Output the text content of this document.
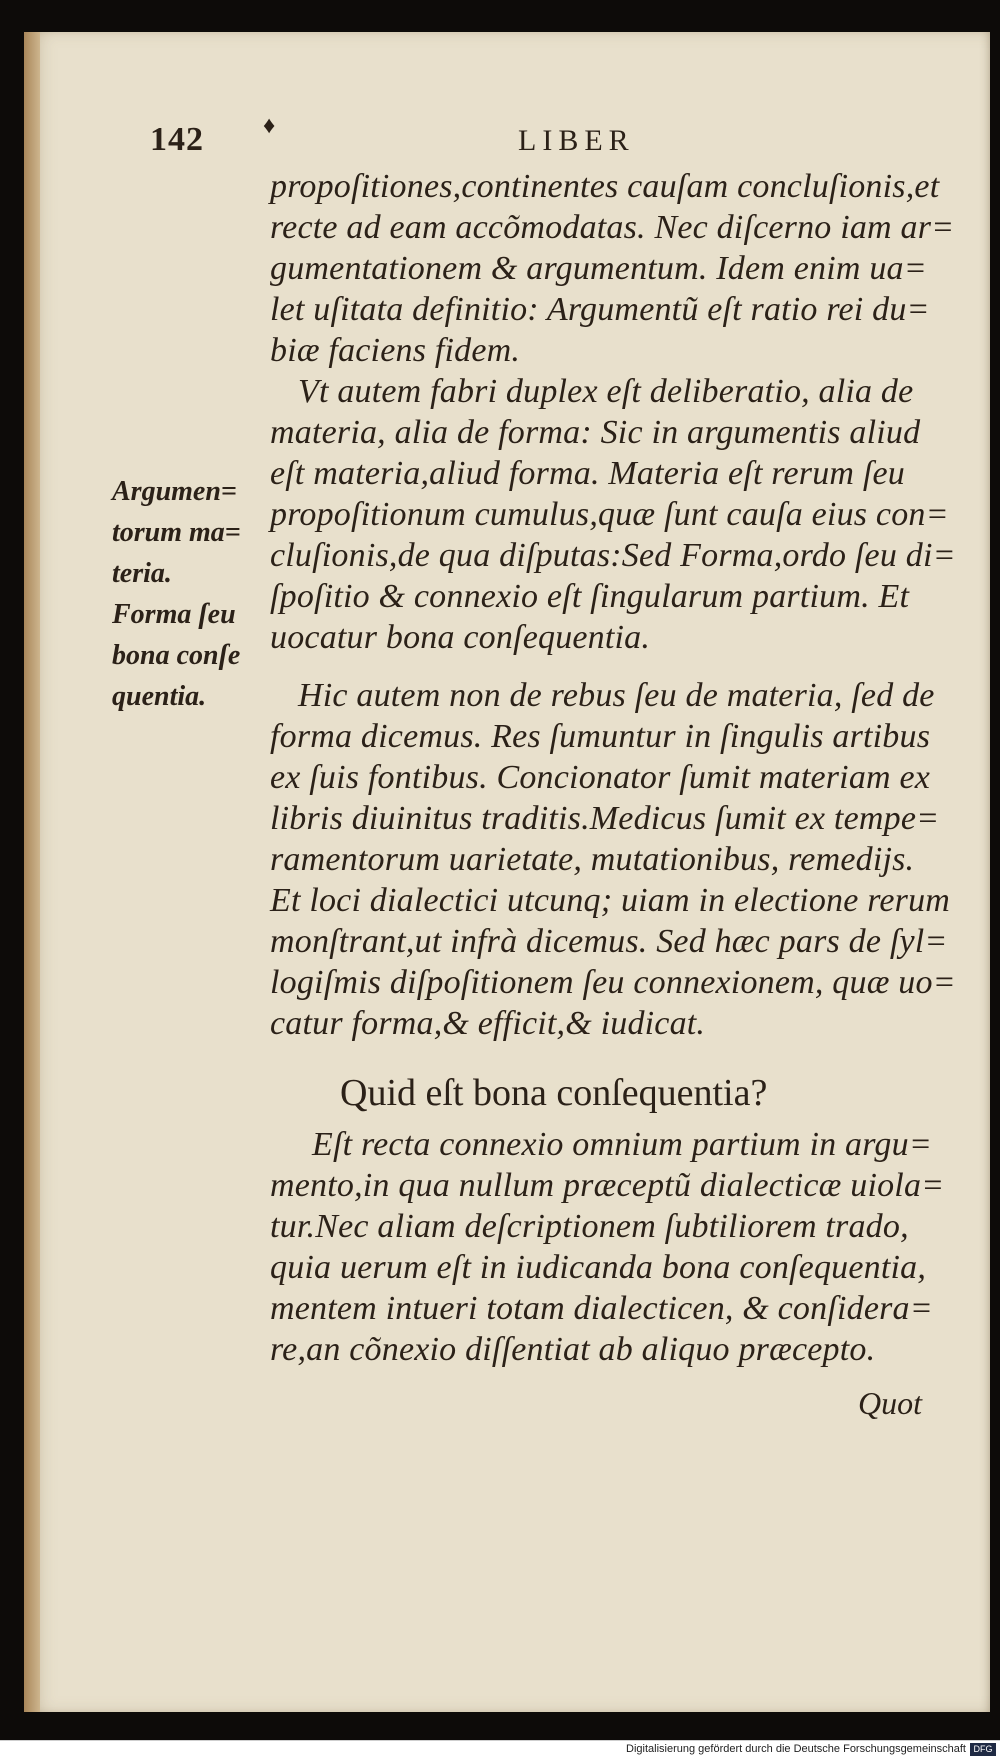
142 ♦	LIBER
propoſitiones,continentes cauſam concluſionis,et
recte ad eam accõmodatas. Nec diſcerno iam ar=
gumentationem & argumentum. Idem enim ua=
let uſitata definitio: Argumentũ eſt ratio rei du=
biæ faciens fidem.
Vt autem fabri duplex eſt deliberatio, alia de
materia, alia de forma: Sic in argumentis aliud
eſt materia,aliud forma. Materia eſt rerum ſeu
propoſitionum cumulus,quæ ſunt cauſa eius con=
cluſionis,de qua diſputas:Sed Forma,ordo ſeu di=
ſpoſitio & connexio eſt ſingularum partium. Et
uocatur bona conſequentia.
Hic autem non de rebus ſeu de materia, ſed de
forma dicemus. Res ſumuntur in ſingulis artibus
ex ſuis fontibus. Concionator ſumit materiam ex
libris diuinitus traditis.Medicus ſumit ex tempe=
ramentorum uarietate, mutationibus, remedijs.
Et loci dialectici utcunq; uiam in electione rerum
monſtrant,ut infrà dicemus. Sed hæc pars de ſyl=
logiſmis diſpoſitionem ſeu connexionem, quæ uo=
catur forma,& efficit,& iudicat.
Quid eſt bona conſequentia?
Eſt recta connexio omnium partium in argu=
mento,in qua nullum præceptũ dialecticæ uiola=
tur.Nec aliam deſcriptionem ſubtiliorem trado,
quia uerum eſt in iudicanda bona conſequentia,
mentem intueri totam dialecticen, & conſidera=
re,an cõnexio diſſentiat ab aliquo præcepto.
Quot
Argumen=
torum ma=
teria.
Forma ſeu
bona conſe
quentia.
Digitalisierung gefördert durch die Deutsche Forschungsgemeinschaft DFG
